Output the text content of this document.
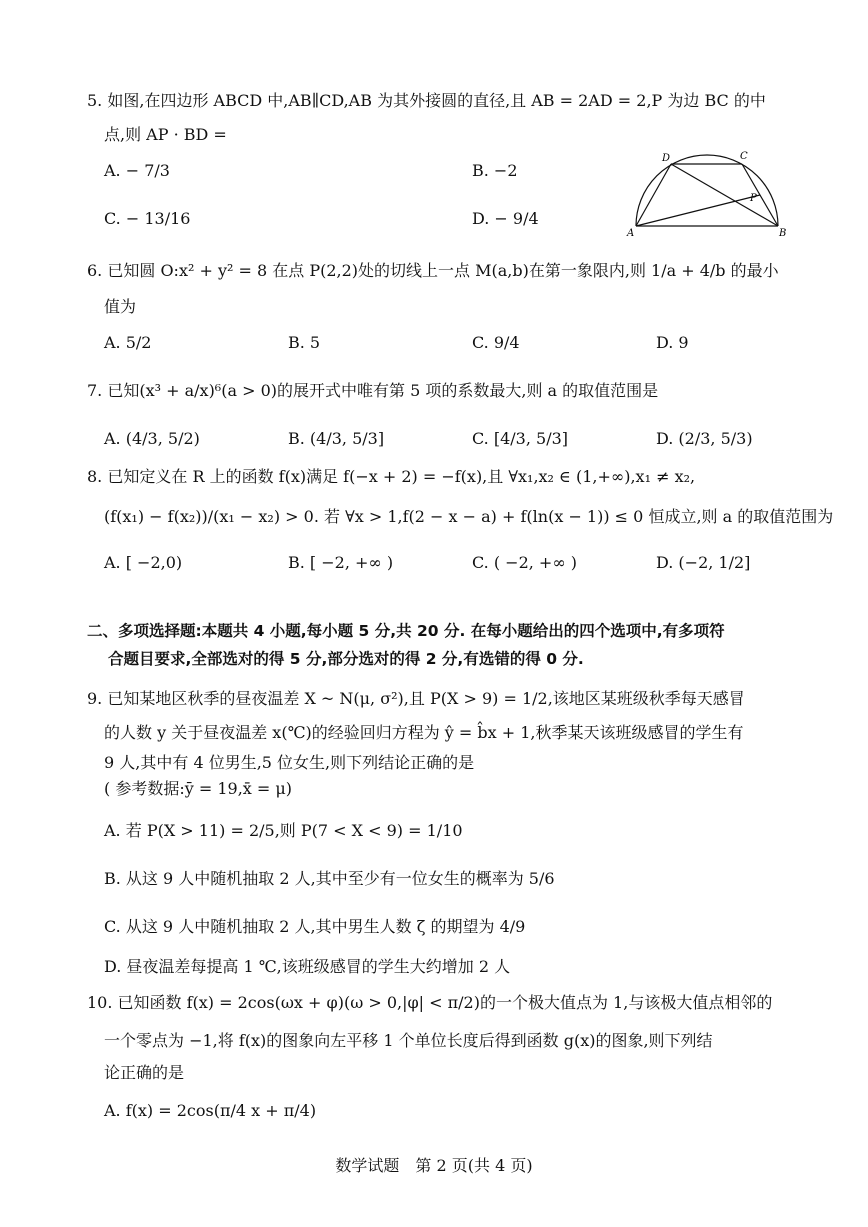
5. 如图,在四边形 ABCD 中,AB∥CD,AB 为其外接圆的直径,且 AB = 2AD = 2,P 为边 BC 的中
点,则 AP · BD =
A. − 7/3	B. −2
C. − 13/16	D. − 9/4
D	C
P
A	B
6. 已知圆 O:x² + y² = 8 在点 P(2,2)处的切线上一点 M(a,b)在第一象限内,则 1/a + 4/b 的最小
值为
A. 5/2	B. 5	C. 9/4	D. 9
7. 已知(x³ + a/x)⁶(a > 0)的展开式中唯有第 5 项的系数最大,则 a 的取值范围是
A. (4/3, 5/2)	B. (4/3, 5/3]	C. [4/3, 5/3]	D. (2/3, 5/3)
8. 已知定义在 R 上的函数 f(x)满足 f(−x + 2) = −f(x),且 ∀x₁,x₂ ∈ (1,+∞),x₁ ≠ x₂,
(f(x₁) − f(x₂))/(x₁ − x₂) > 0. 若 ∀x > 1,f(2 − x − a) + f(ln(x − 1)) ≤ 0 恒成立,则 a 的取值范围为
A. [ −2,0)	B. [ −2, +∞ )	C. ( −2, +∞ )	D. (−2, 1/2]
二、多项选择题:本题共 4 小题,每小题 5 分,共 20 分. 在每小题给出的四个选项中,有多项符
合题目要求,全部选对的得 5 分,部分选对的得 2 分,有选错的得 0 分.
9. 已知某地区秋季的昼夜温差 X ~ N(μ, σ²),且 P(X > 9) = 1/2,该地区某班级秋季每天感冒
的人数 y 关于昼夜温差 x(℃)的经验回归方程为 ŷ = b̂x + 1,秋季某天该班级感冒的学生有
9 人,其中有 4 位男生,5 位女生,则下列结论正确的是
( 参考数据:ȳ = 19,x̄ = μ)
A. 若 P(X > 11) = 2/5,则 P(7 < X < 9) = 1/10
B. 从这 9 人中随机抽取 2 人,其中至少有一位女生的概率为 5/6
C. 从这 9 人中随机抽取 2 人,其中男生人数 ζ 的期望为 4/9
D. 昼夜温差每提高 1 ℃,该班级感冒的学生大约增加 2 人
10. 已知函数 f(x) = 2cos(ωx + φ)(ω > 0,|φ| < π/2)的一个极大值点为 1,与该极大值点相邻的
一个零点为 −1,将 f(x)的图象向左平移 1 个单位长度后得到函数 g(x)的图象,则下列结
论正确的是
A. f(x) = 2cos(π/4 x + π/4)
数学试题　第 2 页(共 4 页)
